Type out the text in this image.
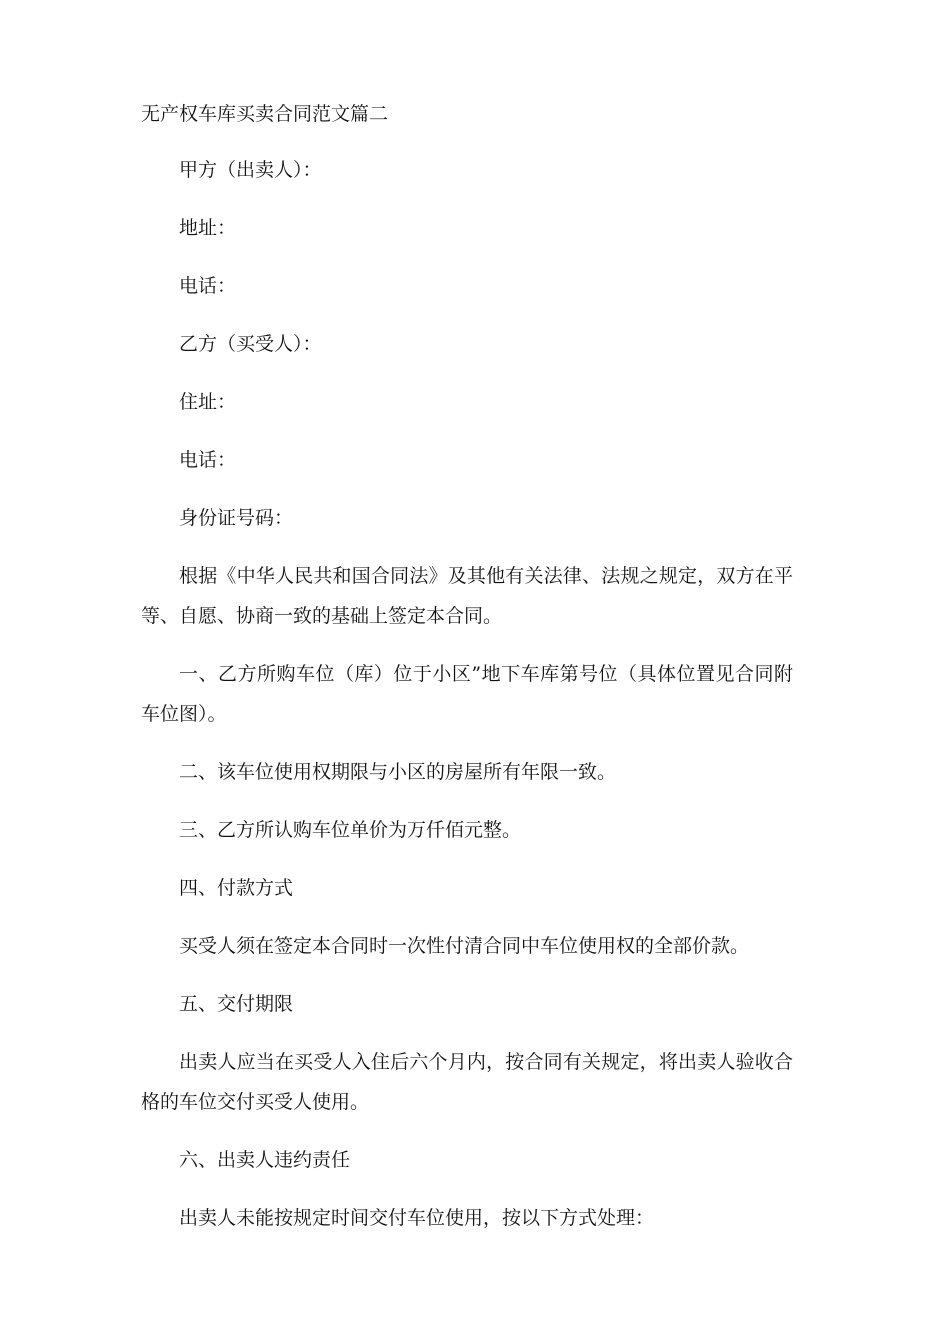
无产权车库买卖合同范文篇二

甲方（出卖人）：

地址：

电话：

乙方（买受人）：

住址：

电话：

身份证号码：

根据《中华人民共和国合同法》及其他有关法律、法规之规定，双方在平等、自愿、协商一致的基础上签定本合同。

一、乙方所购车位（库）位于小区”地下车库第号位（具体位置见合同附车位图）。

二、该车位使用权期限与小区的房屋所有年限一致。

三、乙方所认购车位单价为万仟佰元整。

四、付款方式

买受人须在签定本合同时一次性付清合同中车位使用权的全部价款。

五、交付期限

出卖人应当在买受人入住后六个月内，按合同有关规定，将出卖人验收合格的车位交付买受人使用。

六、出卖人违约责任

出卖人未能按规定时间交付车位使用，按以下方式处理：
